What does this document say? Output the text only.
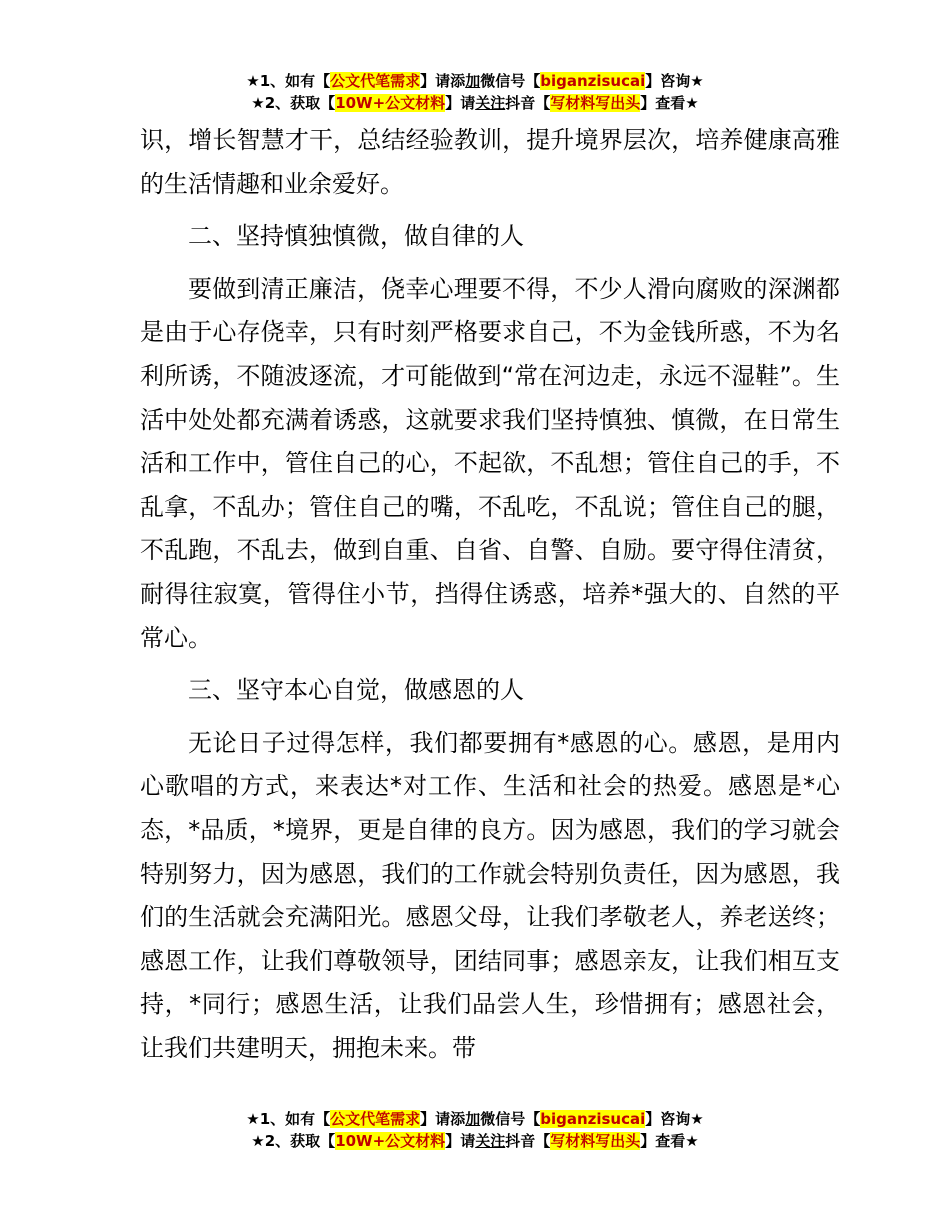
★1、如有【公文代笔需求】请添加微信号【biganzisucai】咨询★
★2、获取【10W+公文材料】请关注抖音【写材料写出头】查看★

识，增长智慧才干，总结经验教训，提升境界层次，培养健康高雅的生活情趣和业余爱好。

二、坚持慎独慎微，做自律的人

要做到清正廉洁，侥幸心理要不得，不少人滑向腐败的深渊都是由于心存侥幸，只有时刻严格要求自己，不为金钱所惑，不为名利所诱，不随波逐流，才可能做到“常在河边走，永远不湿鞋”。生活中处处都充满着诱惑，这就要求我们坚持慎独、慎微，在日常生活和工作中，管住自己的心，不起欲，不乱想；管住自己的手，不乱拿，不乱办；管住自己的嘴，不乱吃，不乱说；管住自己的腿，不乱跑，不乱去，做到自重、自省、自警、自励。要守得住清贫，耐得往寂寞，管得住小节，挡得住诱惑，培养*强大的、自然的平常心。

三、坚守本心自觉，做感恩的人

无论日子过得怎样，我们都要拥有*感恩的心。感恩，是用内心歌唱的方式，来表达*对工作、生活和社会的热爱。感恩是*心态，*品质，*境界，更是自律的良方。因为感恩，我们的学习就会特别努力，因为感恩，我们的工作就会特别负责任，因为感恩，我们的生活就会充满阳光。感恩父母，让我们孝敬老人，养老送终；感恩工作，让我们尊敬领导，团结同事；感恩亲友，让我们相互支持，*同行；感恩生活，让我们品尝人生，珍惜拥有；感恩社会，让我们共建明天，拥抱未来。带

★1、如有【公文代笔需求】请添加微信号【biganzisucai】咨询★
★2、获取【10W+公文材料】请关注抖音【写材料写出头】查看★
